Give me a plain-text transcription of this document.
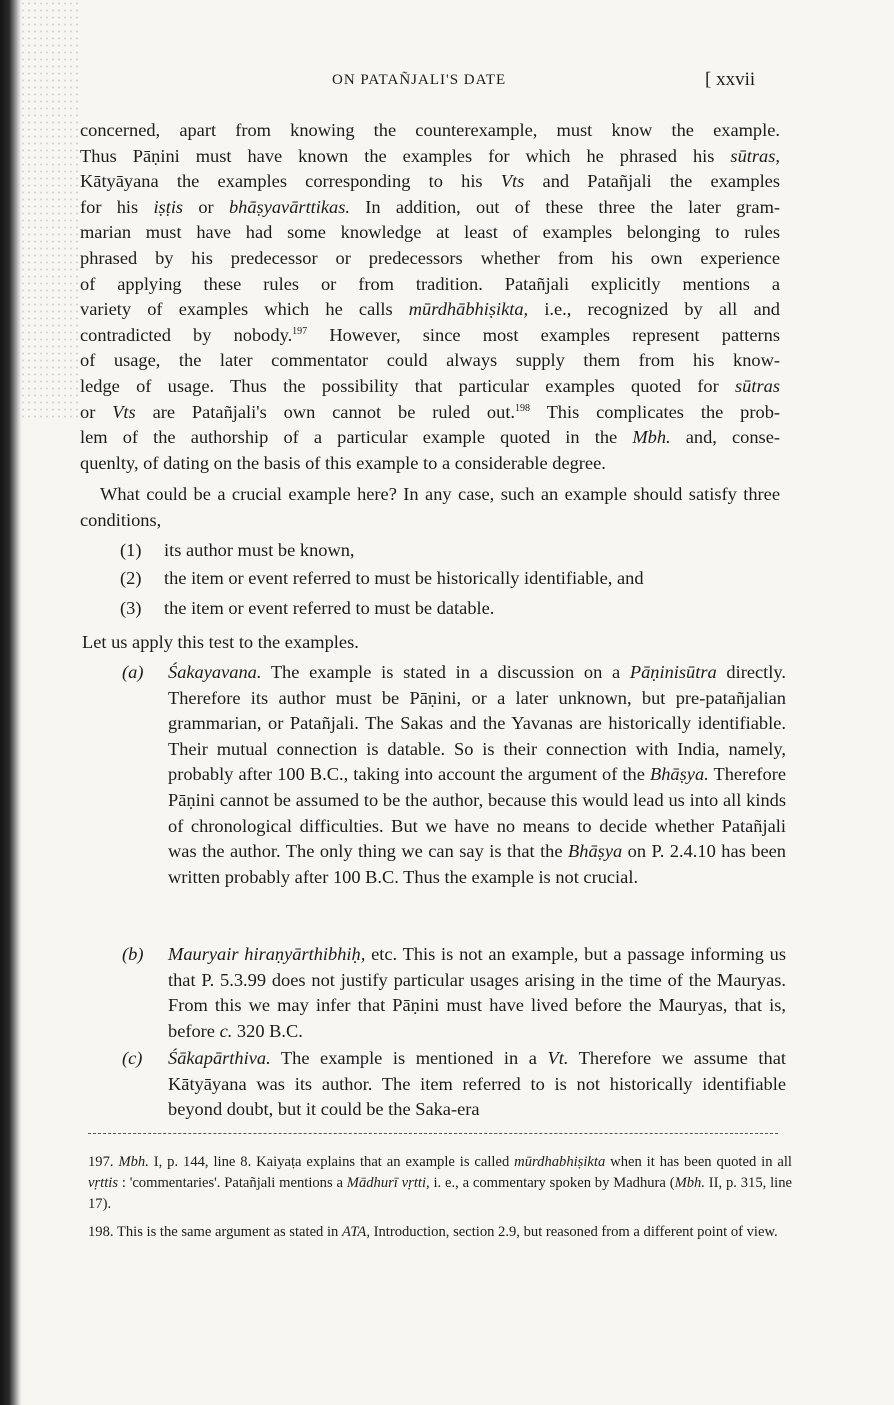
ON PATAÑJALI'S DATE	[ xxvii
concerned, apart from knowing the counterexample, must know the example.
Thus Pāṇini must have known the examples for which he phrased his sūtras,
Kātyāyana the examples corresponding to his Vts and Patañjali the examples
for his iṣṭis or bhāṣyavārttikas. In addition, out of these three the later gram-
marian must have had some knowledge at least of examples belonging to rules
phrased by his predecessor or predecessors whether from his own experience
of applying these rules or from tradition. Patañjali explicitly mentions a
variety of examples which he calls mūrdhābhiṣikta, i.e., recognized by all and
contradicted by nobody.$^{197}$ However, since most examples represent patterns
of usage, the later commentator could always supply them from his know-
ledge of usage. Thus the possibility that particular examples quoted for sūtras
or Vts are Patañjali's own cannot be ruled out.$^{198}$ This complicates the prob-
lem of the authorship of a particular example quoted in the Mbh. and, conse-
quenlty, of dating on the basis of this example to a considerable degree.
What could be a crucial example here? In any case, such an example should satisfy three conditions,
(1) its author must be known,
(2) the item or event referred to must be historically identifiable, and
(3) the item or event referred to must be datable.
Let us apply this test to the examples.
(a) Śakayavana. The example is stated in a discussion on a Pāṇinisūtra directly. Therefore its author must be Pāṇini, or a later unknown, but pre-patañjalian grammarian, or Patañjali. The Sakas and the Yavanas are historically identifiable. Their mutual connection is datable. So is their connection with India, namely, probably after 100 B.C., taking into account the argument of the Bhāṣya. Therefore Pāṇini cannot be assumed to be the author, because this would lead us into all kinds of chronological difficulties. But we have no means to decide whether Patañjali was the author. The only thing we can say is that the Bhāṣya on P. 2.4.10 has been written probably after 100 B.C. Thus the example is not crucial.
(b) Mauryair hiraṇyārthibhiḥ, etc. This is not an example, but a passage informing us that P. 5.3.99 does not justify particular usages arising in the time of the Mauryas. From this we may infer that Pāṇini must have lived before the Mauryas, that is, before c. 320 B.C.
(c) Śākapārthiva. The example is mentioned in a Vt. Therefore we assume that Kātyāyana was its author. The item referred to is not historically identifiable beyond doubt, but it could be the Saka-era
197. Mbh. I, p. 144, line 8. Kaiyaṭa explains that an example is called mūrdhabhiṣikta when it has been quoted in all vṛttis : 'commentaries'. Patañjali mentions a Mādhurī vṛtti, i. e., a commentary spoken by Madhura (Mbh. II, p. 315, line 17).
198. This is the same argument as stated in ATA, Introduction, section 2.9, but reasoned from a different point of view.
